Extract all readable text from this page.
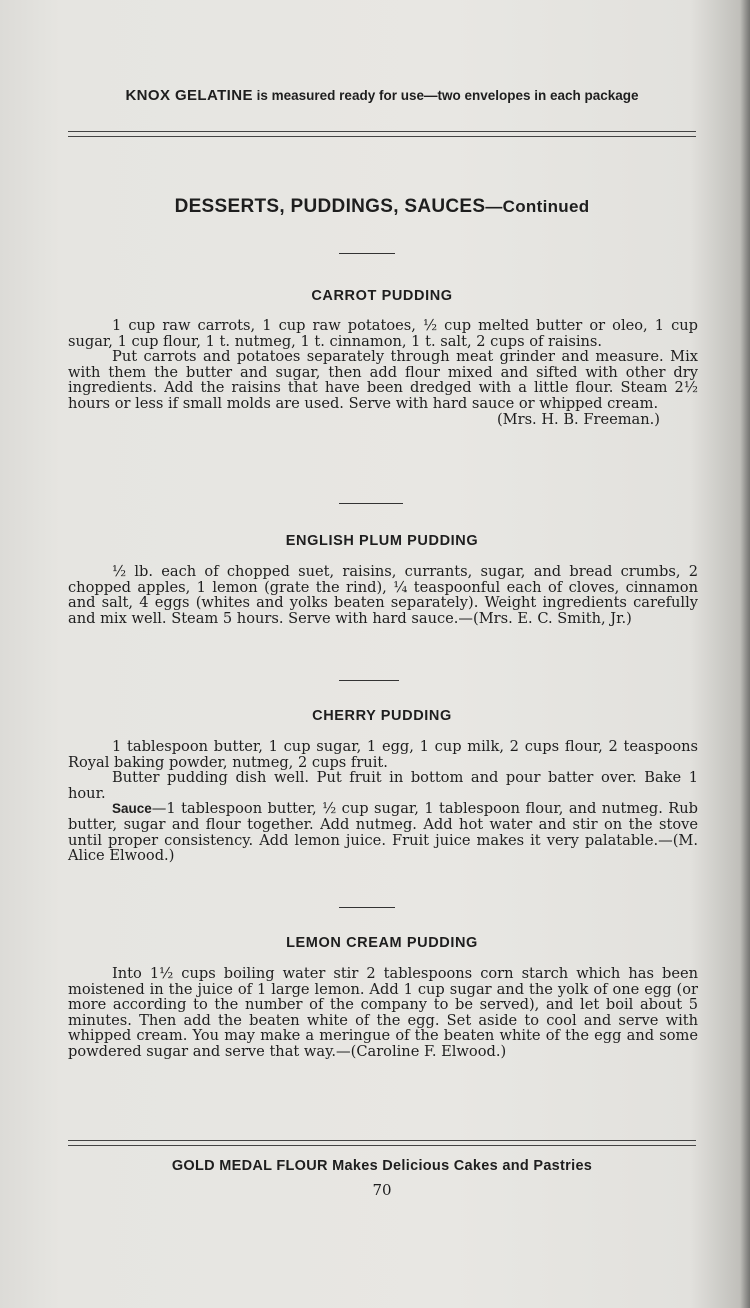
KNOX GELATINE is measured ready for use—two envelopes in each package
DESSERTS, PUDDINGS, SAUCES—Continued
CARROT PUDDING

1 cup raw carrots, 1 cup raw potatoes, ½ cup melted butter or oleo, 1 cup sugar, 1 cup flour, 1 t. nutmeg, 1 t. cinnamon, 1 t. salt, 2 cups of raisins.

Put carrots and potatoes separately through meat grinder and measure. Mix with them the butter and sugar, then add flour mixed and sifted with other dry ingredients. Add the raisins that have been dredged with a little flour. Steam 2½ hours or less if small molds are used. Serve with hard sauce or whipped cream.

(Mrs. H. B. Freeman.)

ENGLISH PLUM PUDDING

½ lb. each of chopped suet, raisins, currants, sugar, and bread crumbs, 2 chopped apples, 1 lemon (grate the rind), ¼ teaspoonful each of cloves, cinnamon and salt, 4 eggs (whites and yolks beaten separately). Weight ingredients carefully and mix well. Steam 5 hours. Serve with hard sauce.—(Mrs. E. C. Smith, Jr.)

CHERRY PUDDING

1 tablespoon butter, 1 cup sugar, 1 egg, 1 cup milk, 2 cups flour, 2 teaspoons Royal baking powder, nutmeg, 2 cups fruit.

Butter pudding dish well. Put fruit in bottom and pour batter over. Bake 1 hour.

Sauce—1 tablespoon butter, ½ cup sugar, 1 tablespoon flour, and nutmeg. Rub butter, sugar and flour together. Add nutmeg. Add hot water and stir on the stove until proper consistency. Add lemon juice. Fruit juice makes it very palatable.—(M. Alice Elwood.)

LEMON CREAM PUDDING

Into 1½ cups boiling water stir 2 tablespoons corn starch which has been moistened in the juice of 1 large lemon. Add 1 cup sugar and the yolk of one egg (or more according to the number of the company to be served), and let boil about 5 minutes. Then add the beaten white of the egg. Set aside to cool and serve with whipped cream. You may make a meringue of the beaten white of the egg and some powdered sugar and serve that way.—(Caroline F. Elwood.)

GOLD MEDAL FLOUR Makes Delicious Cakes and Pastries
70
